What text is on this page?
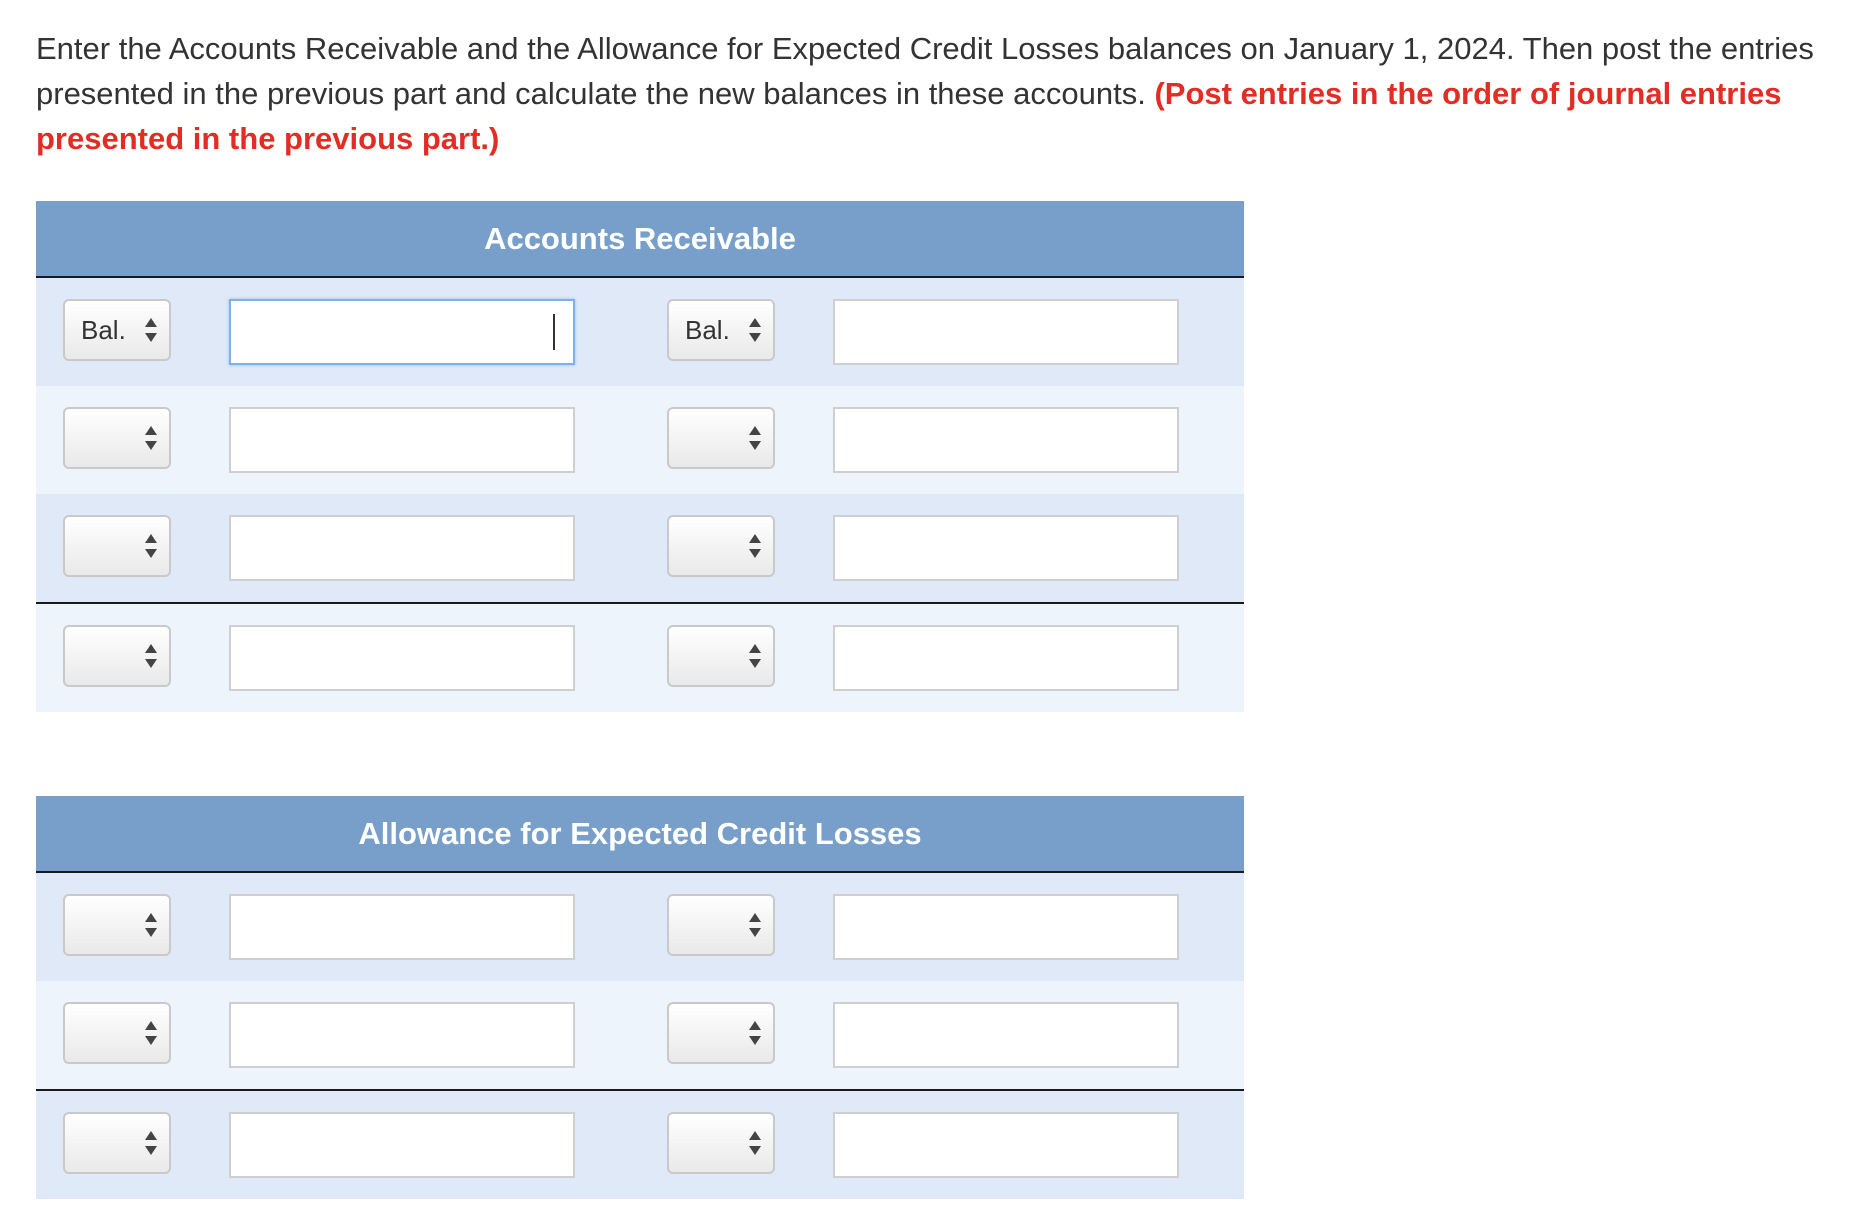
Enter the Accounts Receivable and the Allowance for Expected Credit Losses balances on January 1, 2024. Then post the entries presented in the previous part and calculate the new balances in these accounts. (Post entries in the order of journal entries presented in the previous part.)
Accounts Receivable
Bal.	Bal.
Allowance for Expected Credit Losses
